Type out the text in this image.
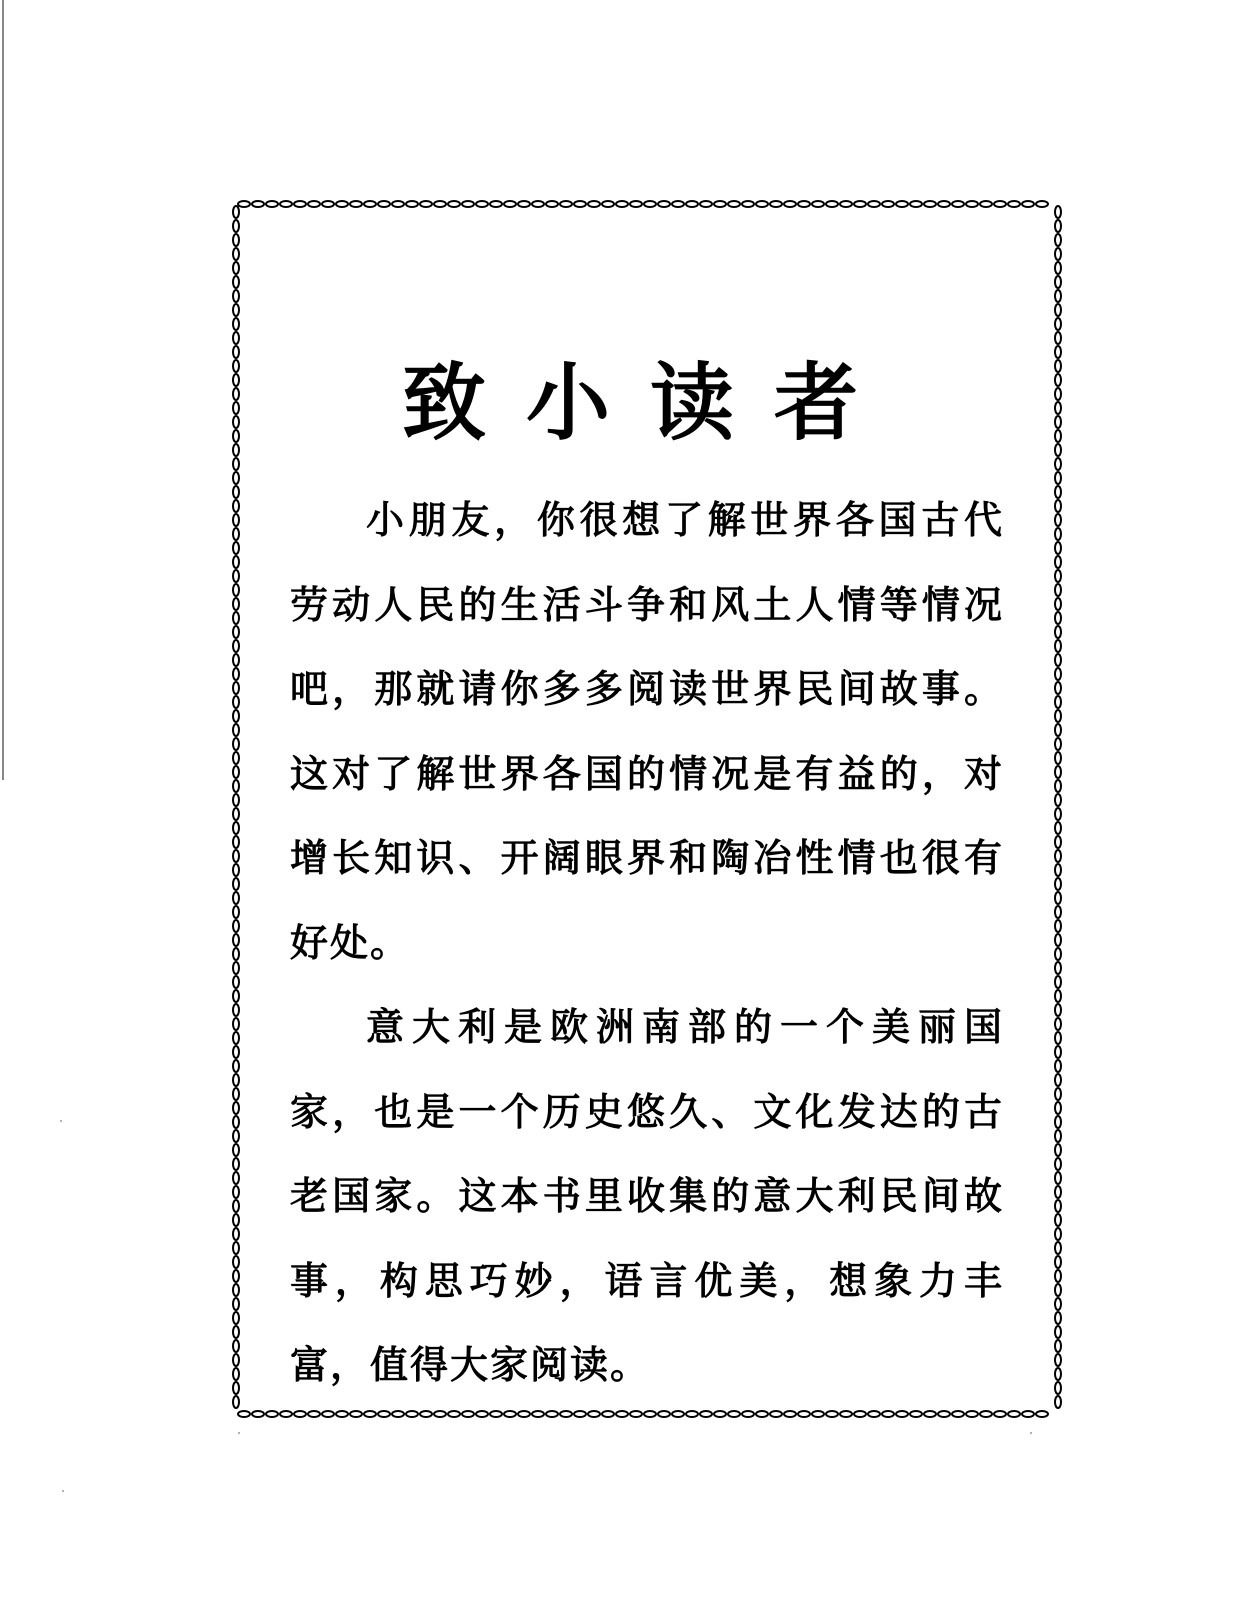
致小读者

小朋友，你很想了解世界各国古代劳动人民的生活斗争和风土人情等情况吧，那就请你多多阅读世界民间故事。这对了解世界各国的情况是有益的，对增长知识、开阔眼界和陶冶性情也很有好处。

意大利是欧洲南部的一个美丽国家，也是一个历史悠久、文化发达的古老国家。这本书里收集的意大利民间故事，构思巧妙，语言优美，想象力丰富，值得大家阅读。
